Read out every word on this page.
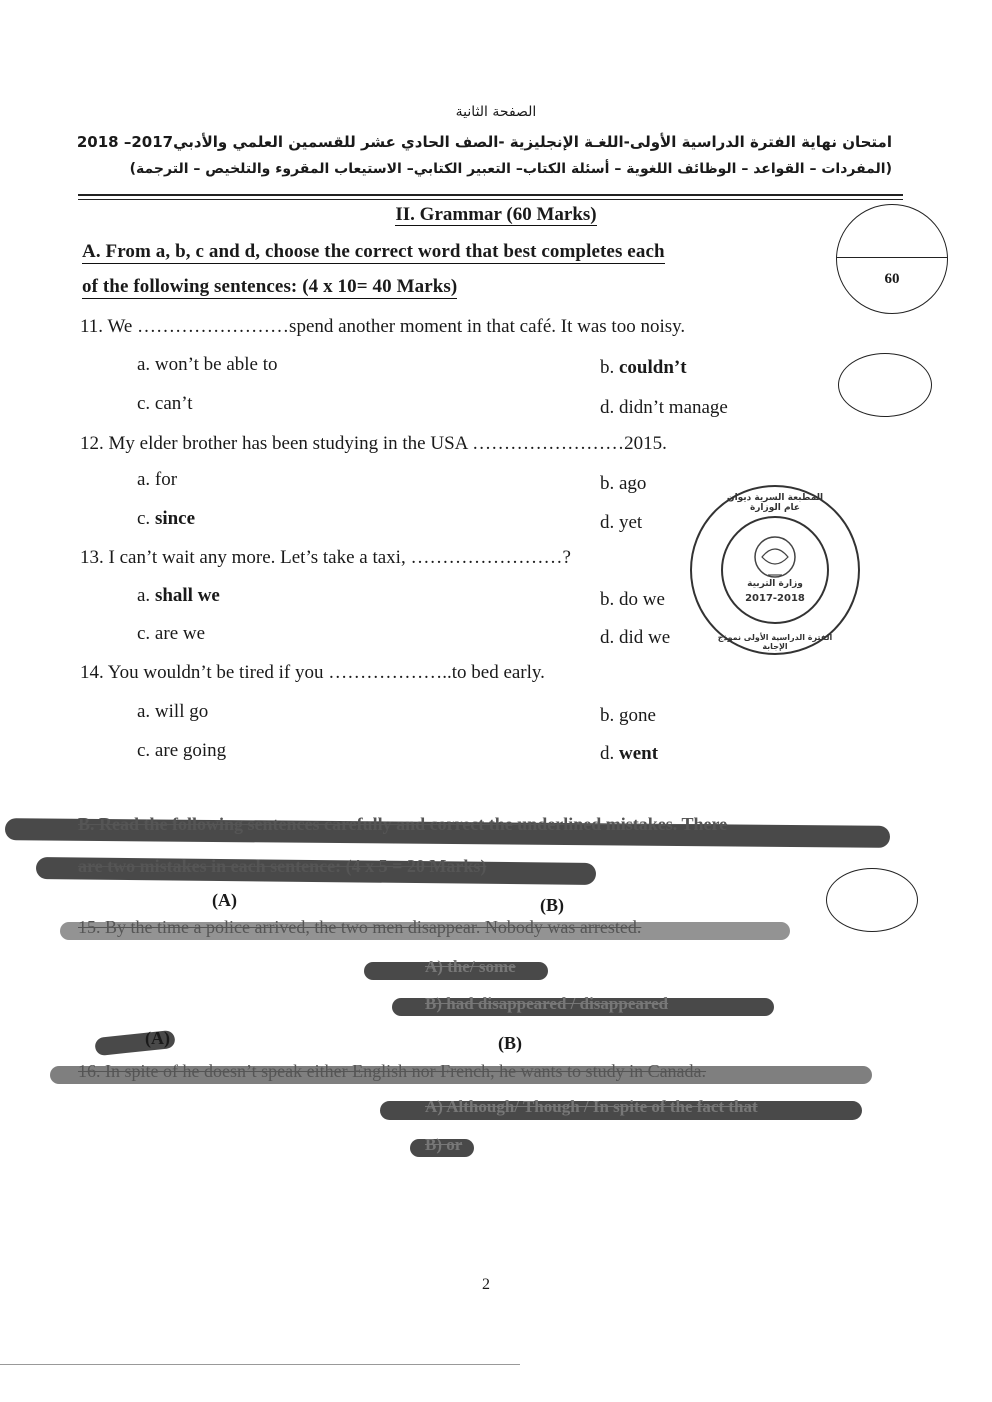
الصفحة الثانية
امتحان نهاية الفترة الدراسية الأولى-اللغـة الإنجليزية -الصف الحادي عشر للقسمين العلمي والأدبي2017– 2018
(المفردات – القواعد – الوظائف اللغوية – أسئلة الكتاب– التعبير الكتابي– الاستيعاب المقروء والتلخيص – الترجمة)
II. Grammar (60 Marks)
60
A. From a, b, c and d, choose the correct word that best completes each
of the following sentences: (4 x 10= 40 Marks)
11. We ……………………spend another moment in that café. It was too noisy.
a. won’t be able to	b. couldn’t
c. can’t	d. didn’t manage
12. My elder brother has been studying in the USA ……………………2015.
a. for	b. ago
c. since	d. yet
13. I can’t wait any more. Let’s take a taxi, ……………………?
a. shall we	b. do we
c. are we	d. did we
14. You wouldn’t be tired if you ………………..to bed early.
a. will go	b. gone
c. are going	d. went
المطبعة السرية ديوان عام الوزارة
الفترة الدراسية الأولى نموذج الإجابة
وزارة التربية
2017-2018
B. Read the following sentences carefully and correct the underlined mistakes. There
are two mistakes in each sentence: (4 x 5 = 20 Marks)
(A)	(B)
15. By the time a police arrived, the two men disappear. Nobody was arrested.
A) the/ some
B) had disappeared / disappeared
(A)	(B)
16. In spite of he doesn’t speak either English nor French, he wants to study in Canada.
A) Although/ Though / In spite of the fact that
B) or
2
